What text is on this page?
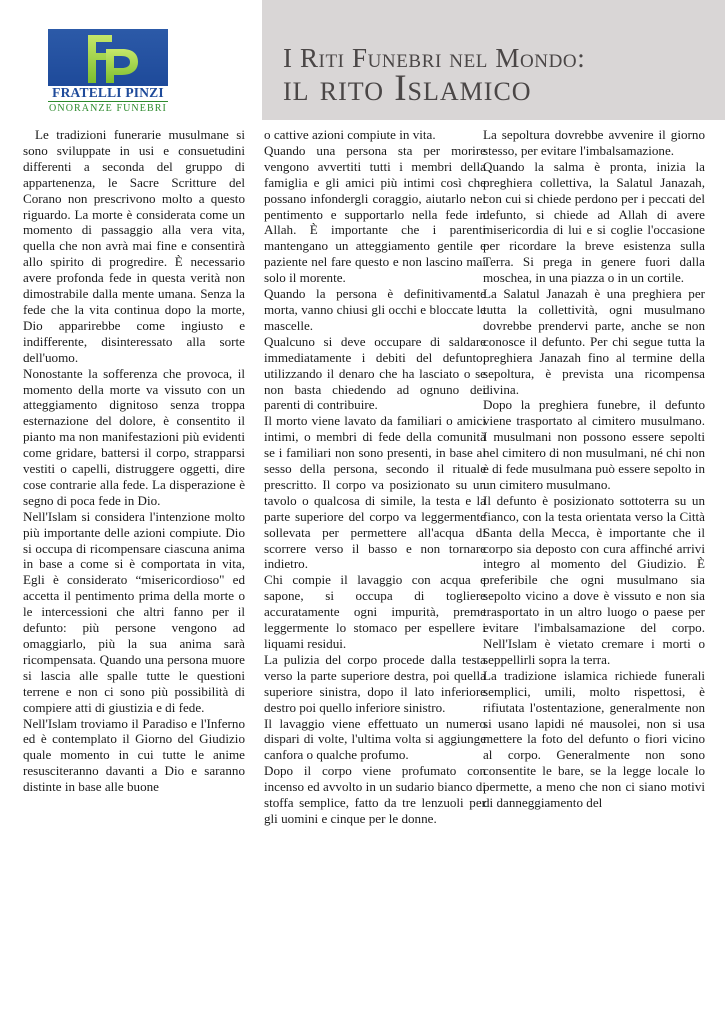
FRATELLI PINZI
ONORANZE FUNEBRI
I Riti Funebri nel Mondo:
il rito Islamico

Le tradizioni funerarie musulmane si sono sviluppate in usi e consuetudini differenti a seconda del gruppo di appartenenza, le Sacre Scritture del Corano non prescrivono molto a questo riguardo. La morte è considerata come un momento di passaggio alla vera vita, quella che non avrà mai fine e consentirà allo spirito di progredire. È necessario avere profonda fede in questa verità non dimostrabile dalla mente umana. Senza la fede che la vita continua dopo la morte, Dio apparirebbe come ingiusto e indifferente, disinteressato alla sorte dell'uomo.

Nonostante la sofferenza che provoca, il momento della morte va vissuto con un atteggiamento dignitoso senza troppa esternazione del dolore, è consentito il pianto ma non manifestazioni più evidenti come gridare, battersi il corpo, strapparsi vestiti o capelli, distruggere oggetti, dire cose contrarie alla fede. La disperazione è segno di poca fede in Dio.

Nell'Islam si considera l'intenzione molto più importante delle azioni compiute. Dio si occupa di ricompensare ciascuna anima in base a come si è comportata in vita, Egli è considerato “misericordioso" ed accetta il pentimento prima della morte o le intercessioni che altri fanno per il defunto: più persone vengono ad omaggiarlo, più la sua anima sarà ricompensata. Quando una persona muore si lascia alle spalle tutte le questioni terrene e non ci sono più possibilità di compiere atti di giustizia e di fede.

Nell'Islam troviamo il Paradiso e l'Inferno ed è contemplato il Giorno del Giudizio quale momento in cui tutte le anime resusciteranno davanti a Dio e saranno distinte in base alle buone

o cattive azioni compiute in vita.

Quando una persona sta per morire vengono avvertiti tutti i membri della famiglia e gli amici più intimi così che possano infondergli coraggio, aiutarlo nel pentimento e supportarlo nella fede in Allah. È importante che i parenti mantengano un atteggiamento gentile e paziente nel fare questo e non lascino mai solo il morente.

Quando la persona è definitivamente morta, vanno chiusi gli occhi e bloccate le mascelle.

Qualcuno si deve occupare di saldare immediatamente i debiti del defunto, utilizzando il denaro che ha lasciato o se non basta chiedendo ad ognuno dei parenti di contribuire.

Il morto viene lavato da familiari o amici intimi, o membri di fede della comunità se i familiari non sono presenti, in base al sesso della persona, secondo il rituale prescritto. Il corpo va posizionato su un tavolo o qualcosa di simile, la testa e la parte superiore del corpo va leggermente sollevata per permettere all'acqua di scorrere verso il basso e non tornare indietro.

Chi compie il lavaggio con acqua e sapone, si occupa di togliere accuratamente ogni impurità, preme leggermente lo stomaco per espellere i liquami residui.

La pulizia del corpo procede dalla testa verso la parte superiore destra, poi quella superiore sinistra, dopo il lato inferiore destro poi quello inferiore sinistro.

Il lavaggio viene effettuato un numero dispari di volte, l'ultima volta si aggiunge canfora o qualche profumo.

Dopo il corpo viene profumato con incenso ed avvolto in un sudario bianco di stoffa semplice, fatto da tre lenzuoli per gli uomini e cinque per le donne.

La sepoltura dovrebbe avvenire il giorno stesso, per evitare l'imbalsamazione.

Quando la salma è pronta, inizia la preghiera collettiva, la Salatul Janazah, con cui si chiede perdono per i peccati del defunto, si chiede ad Allah di avere misericordia di lui e si coglie l'occasione per ricordare la breve esistenza sulla Terra. Si prega in genere fuori dalla moschea, in una piazza o in un cortile.

La Salatul Janazah è una preghiera per tutta la collettività, ogni musulmano dovrebbe prendervi parte, anche se non conosce il defunto. Per chi segue tutta la preghiera Janazah fino al termine della sepoltura, è prevista una ricompensa divina.

Dopo la preghiera funebre, il defunto viene trasportato al cimitero musulmano. I musulmani non possono essere sepolti nel cimitero di non musulmani, né chi non è di fede musulmana può essere sepolto in un cimitero musulmano.

Il defunto è posizionato sottoterra su un fianco, con la testa orientata verso la Città Santa della Mecca, è importante che il corpo sia deposto con cura affinché arrivi integro al momento del Giudizio. È preferibile che ogni musulmano sia sepolto vicino a dove è vissuto e non sia trasportato in un altro luogo o paese per evitare l'imbalsamazione del corpo. Nell'Islam è vietato cremare i morti o seppellirli sopra la terra.

La tradizione islamica richiede funerali semplici, umili, molto rispettosi, è rifiutata l'ostentazione, generalmente non si usano lapidi né mausolei, non si usa mettere la foto del defunto o fiori vicino al corpo. Generalmente non sono consentite le bare, se la legge locale lo permette, a meno che non ci siano motivi di danneggiamento del
